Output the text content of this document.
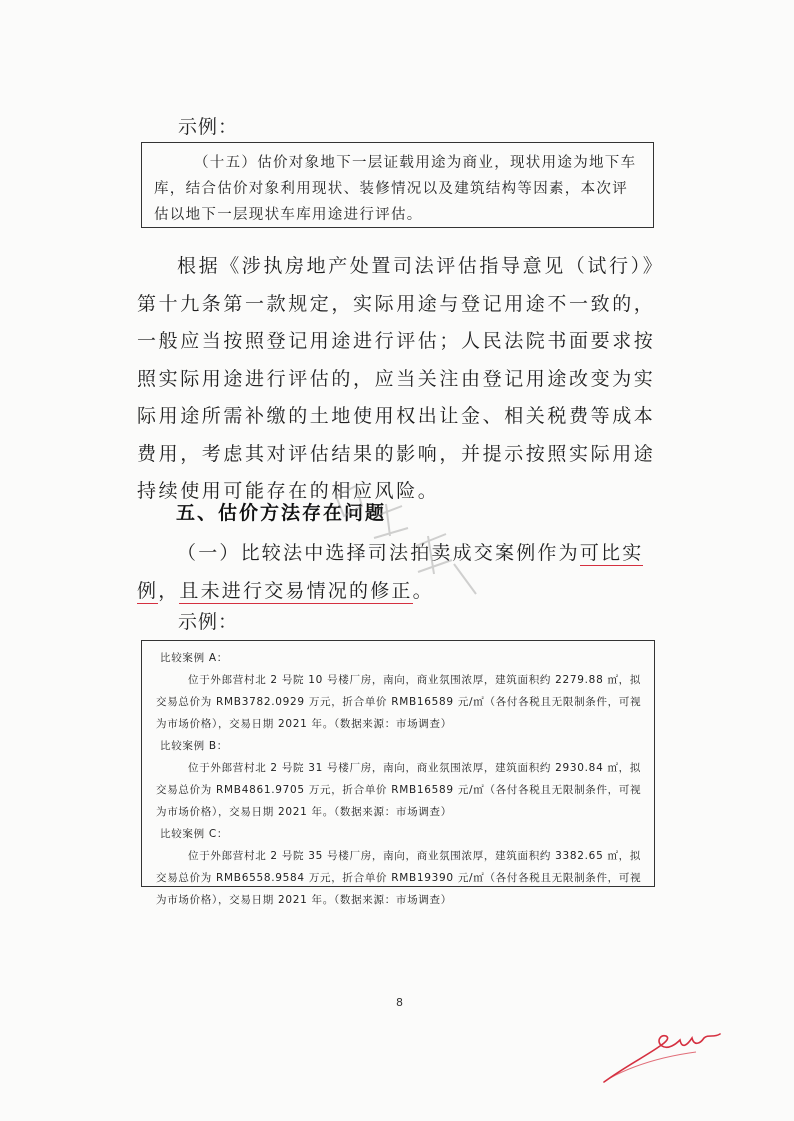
示例：

（十五）估价对象地下一层证载用途为商业，现状用途为地下车库，结合估价对象利用现状、装修情况以及建筑结构等因素，本次评估以地下一层现状车库用途进行评估。

根据《涉执房地产处置司法评估指导意见（试行）》第十九条第一款规定，实际用途与登记用途不一致的，一般应当按照登记用途进行评估；人民法院书面要求按照实际用途进行评估的，应当关注由登记用途改变为实际用途所需补缴的土地使用权出让金、相关税费等成本费用，考虑其对评估结果的影响，并提示按照实际用途持续使用可能存在的相应风险。

五、估价方法存在问题

（一）比较法中选择司法拍卖成交案例作为可比实例，且未进行交易情况的修正。

示例：

比较案例 A：

位于外郎营村北 2 号院 10 号楼厂房，南向，商业氛围浓厚，建筑面积约 2279.88 ㎡，拟交易总价为 RMB3782.0929 万元，折合单价 RMB16589 元/㎡（各付各税且无限制条件，可视为市场价格），交易日期 2021 年。（数据来源：市场调查）

比较案例 B：

位于外郎营村北 2 号院 31 号楼厂房，南向，商业氛围浓厚，建筑面积约 2930.84 ㎡，拟交易总价为 RMB4861.9705 万元，折合单价 RMB16589 元/㎡（各付各税且无限制条件，可视为市场价格），交易日期 2021 年。（数据来源：市场调查）

比较案例 C：

位于外郎营村北 2 号院 35 号楼厂房，南向，商业氛围浓厚，建筑面积约 3382.65 ㎡，拟交易总价为 RMB6558.9584 万元，折合单价 RMB19390 元/㎡（各付各税且无限制条件，可视为市场价格），交易日期 2021 年。（数据来源：市场调查）

8
